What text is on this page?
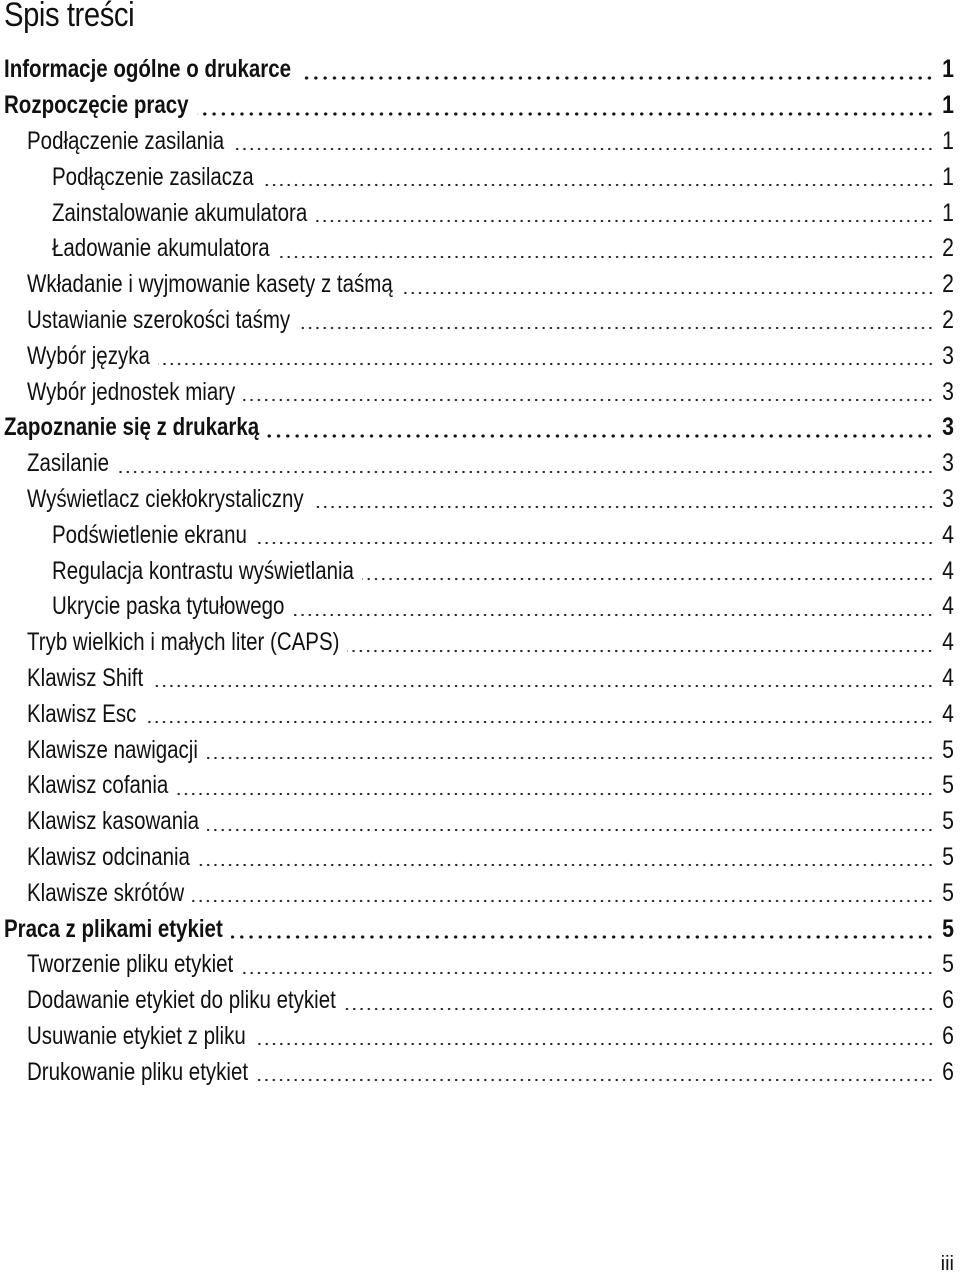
Spis treści
Informacje ogólne o drukarce	1
Rozpoczęcie pracy	1
Podłączenie zasilania	1
Podłączenie zasilacza	1
Zainstalowanie akumulatora	1
Ładowanie akumulatora	2
Wkładanie i wyjmowanie kasety z taśmą	2
Ustawianie szerokości taśmy	2
Wybór języka	3
Wybór jednostek miary	3
Zapoznanie się z drukarką	3
Zasilanie	3
Wyświetlacz ciekłokrystaliczny	3
Podświetlenie ekranu	4
Regulacja kontrastu wyświetlania	4
Ukrycie paska tytułowego	4
Tryb wielkich i małych liter (CAPS)	4
Klawisz Shift	4
Klawisz Esc	4
Klawisze nawigacji	5
Klawisz cofania	5
Klawisz kasowania	5
Klawisz odcinania	5
Klawisze skrótów	5
Praca z plikami etykiet	5
Tworzenie pliku etykiet	5
Dodawanie etykiet do pliku etykiet	6
Usuwanie etykiet z pliku	6
Drukowanie pliku etykiet	6
iii
